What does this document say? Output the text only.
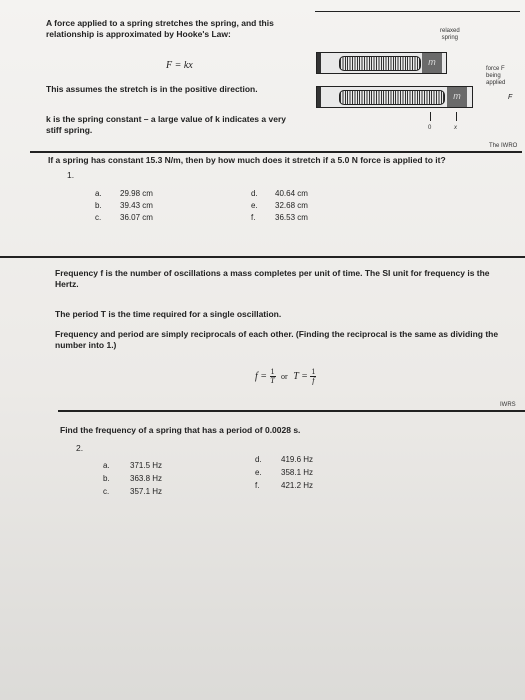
A force applied to a spring stretches the spring, and this
relationship is approximated by Hooke's Law:
F = kx
This assumes the stretch is in the positive direction.
k is the spring constant – a large value of k indicates a very
stiff spring.
relaxed
spring
m
force F
being
applied
m	F
0	x
The IWRO
If a spring has constant 15.3 N/m, then by how much does it stretch if a 5.0 N force is applied to it?
1.
a. 29.98 cm
b. 39.43 cm
c. 36.07 cm
d. 40.64 cm
e. 32.68 cm
f. 36.53 cm
Frequency f is the number of oscillations a mass completes per unit of time. The SI unit for frequency is the
Hertz.
The period T is the time required for a single oscillation.
Frequency and period are simply reciprocals of each other. (Finding the reciprocal is the same as dividing the
number into 1.)
$f = \frac{1}{T}$ or $T = \frac{1}{f}$
IWRS
Find the frequency of a spring that has a period of 0.0028 s.
2.
a.	371.5 Hz
b.	363.8 Hz
c.	357.1 Hz
d. 419.6 Hz
e. 358.1 Hz
f.	421.2 Hz
